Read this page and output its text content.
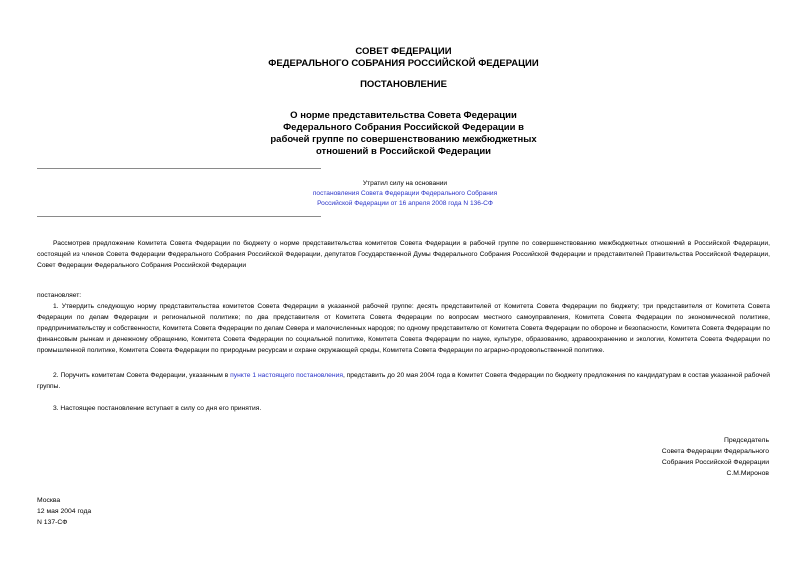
СОВЕТ ФЕДЕРАЦИИ
ФЕДЕРАЛЬНОГО СОБРАНИЯ РОССИЙСКОЙ ФЕДЕРАЦИИ
ПОСТАНОВЛЕНИЕ
О норме представительства Совета Федерации
Федерального Собрания Российской Федерации в
рабочей группе по совершенствованию межбюджетных
отношений в Российской Федерации
Утратил силу на основании
постановления Совета Федерации Федерального Собрания
Российской Федерации от 16 апреля 2008 года N 136-СФ
Рассмотрев предложение Комитета Совета Федерации по бюджету о норме представительства комитетов Совета Федерации в рабочей группе по совершенствованию межбюджетных отношений в Российской Федерации, состоящей из членов Совета Федерации Федерального Собрания Российской Федерации, депутатов Государственной Думы Федерального Собрания Российской Федерации и представителей Правительства Российской Федерации, Совет Федерации Федерального Собрания Российской Федерации
постановляет:
1. Утвердить следующую норму представительства комитетов Совета Федерации в указанной рабочей группе: десять представителей от Комитета Совета Федерации по бюджету; три представителя от Комитета Совета Федерации по делам Федерации и региональной политике; по два представителя от Комитета Совета Федерации по вопросам местного самоуправления, Комитета Совета Федерации по экономической политике, предпринимательству и собственности, Комитета Совета Федерации по делам Севера и малочисленных народов; по одному представителю от Комитета Совета Федерации по обороне и безопасности, Комитета Совета Федерации по финансовым рынкам и денежному обращению, Комитета Совета Федерации по социальной политике, Комитета Совета Федерации по науке, культуре, образованию, здравоохранению и экологии, Комитета Совета Федерации по промышленной политике, Комитета Совета Федерации по природным ресурсам и охране окружающей среды, Комитета Совета Федерации по аграрно-продовольственной политике.
2. Поручить комитетам Совета Федерации, указанным в пункте 1 настоящего постановления, представить до 20 мая 2004 года в Комитет Совета Федерации по бюджету предложения по кандидатурам в состав указанной рабочей группы.
3. Настоящее постановление вступает в силу со дня его принятия.
Председатель
Совета Федерации Федерального
Собрания Российской Федерации
С.М.Миронов
Москва
12 мая 2004 года
N 137-СФ
